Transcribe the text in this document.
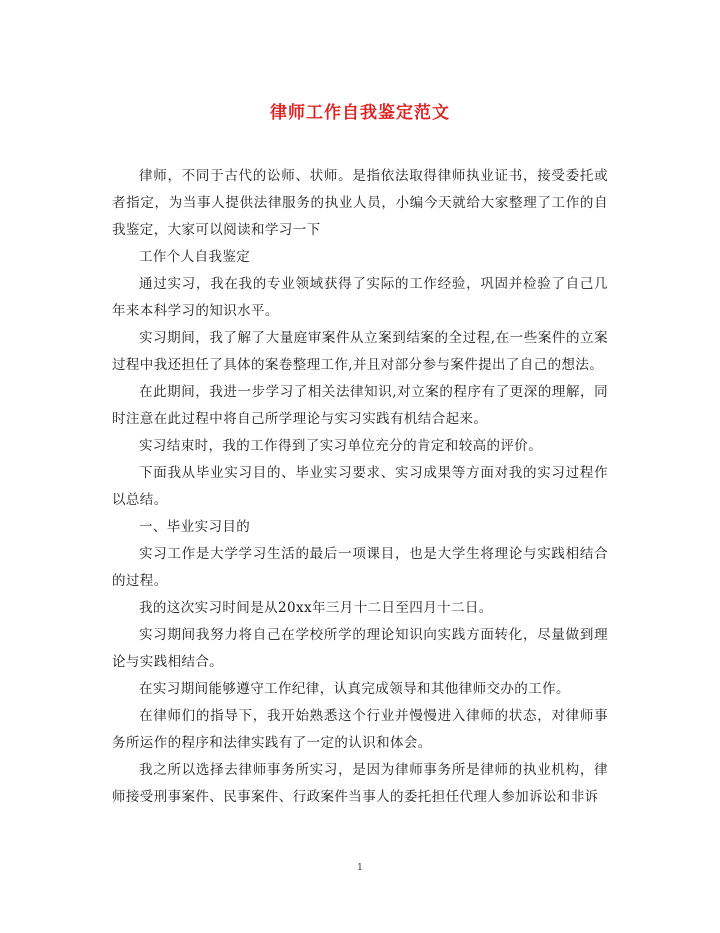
律师工作自我鉴定范文

律师，不同于古代的讼师、状师。是指依法取得律师执业证书，接受委托或者指定，为当事人提供法律服务的执业人员，小编今天就给大家整理了工作的自我鉴定，大家可以阅读和学习一下

工作个人自我鉴定

通过实习，我在我的专业领域获得了实际的工作经验，巩固并检验了自己几年来本科学习的知识水平。

实习期间，我了解了大量庭审案件从立案到结案的全过程,在一些案件的立案过程中我还担任了具体的案卷整理工作,并且对部分参与案件提出了自己的想法。

在此期间，我进一步学习了相关法律知识,对立案的程序有了更深的理解，同时注意在此过程中将自己所学理论与实习实践有机结合起来。

实习结束时，我的工作得到了实习单位充分的肯定和较高的评价。

下面我从毕业实习目的、毕业实习要求、实习成果等方面对我的实习过程作以总结。

一、毕业实习目的

实习工作是大学学习生活的最后一项课目，也是大学生将理论与实践相结合的过程。

我的这次实习时间是从20xx年三月十二日至四月十二日。

实习期间我努力将自己在学校所学的理论知识向实践方面转化，尽量做到理论与实践相结合。

在实习期间能够遵守工作纪律，认真完成领导和其他律师交办的工作。

在律师们的指导下，我开始熟悉这个行业并慢慢进入律师的状态，对律师事务所运作的程序和法律实践有了一定的认识和体会。

我之所以选择去律师事务所实习，是因为律师事务所是律师的执业机构，律师接受刑事案件、民事案件、行政案件当事人的委托担任代理人参加诉讼和非诉

1
